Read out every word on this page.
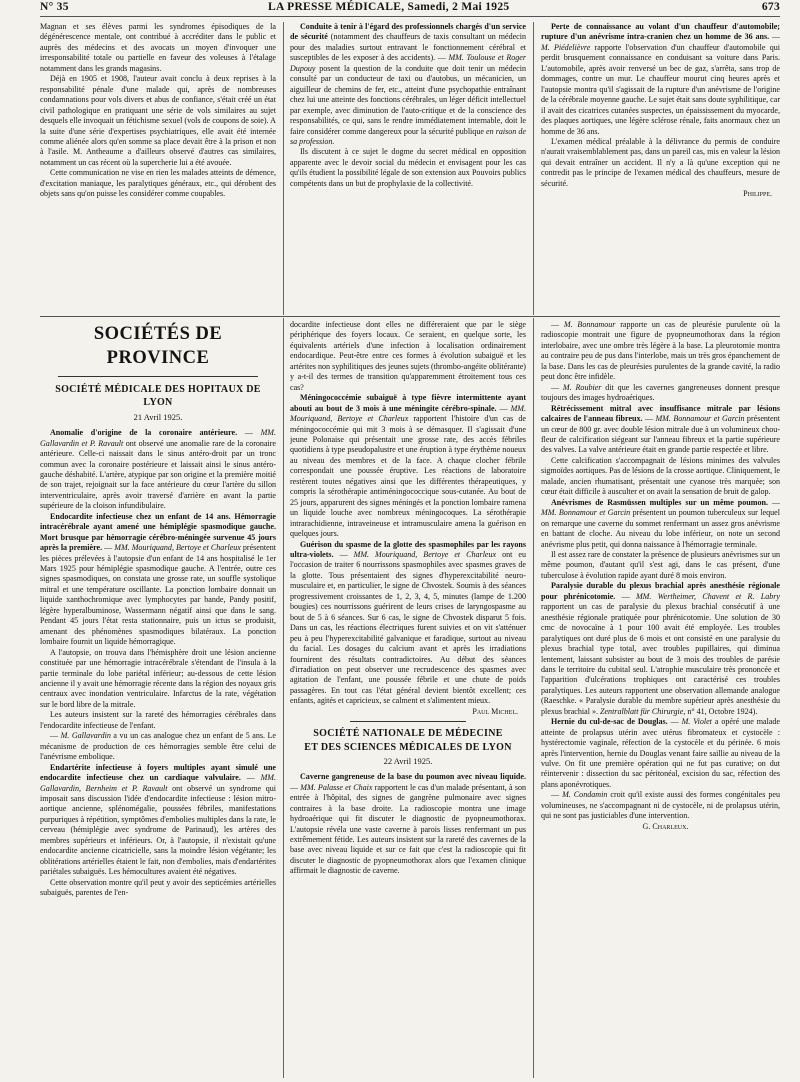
N° 35	LA PRESSE MÉDICALE, Samedi, 2 Mai 1925	673

Magnan et ses élèves parmi les syndromes épisodiques de la dégénérescence mentale, ont contribué à accréditer dans le public et auprès des médecins et des avocats un moyen d'invoquer une irresponsabilité totale ou partielle en faveur des voleuses à l'étalage notamment dans les grands magasins.

Déjà en 1905 et 1908, l'auteur avait conclu à deux reprises à la responsabilité pénale d'une malade qui, après de nombreuses condamnations pour vols divers et abus de confiance, s'était créé un état civil pathologique en pratiquant une série de vols similaires au sujet desquels elle invoquait un fétichisme sexuel (vols de coupons de soie). A la suite d'une série d'expertises psychiatriques, elle avait été internée comme aliénée alors qu'en somme sa place devait être à la prison et non à l'asile. M. Antheaume a d'ailleurs observé d'autres cas similaires, notamment un cas récent où la supercherie lui a été avouée.

Cette communication ne vise en rien les malades atteints de démence, d'excitation maniaque, les paralytiques généraux, etc., qui dérobent des objets sans qu'on puisse les considérer comme coupables.

Conduite à tenir à l'égard des professionnels chargés d'un service de sécurité (notamment des chauffeurs de taxis consultant un médecin pour des maladies surtout entravant le fonctionnement cérébral et susceptibles de les exposer à des accidents). — MM. Toulouse et Roger Dupouy posent la question de la conduite que doit tenir un médecin consulté par un conducteur de taxi ou d'autobus, un mécanicien, un aiguilleur de chemins de fer, etc., atteint d'une psychopathie entraînant chez lui une atteinte des fonctions cérébrales, un léger déficit intellectuel par exemple, avec diminution de l'auto-critique et de la conscience des responsabilités, ce qui, sans le rendre immédiatement internable, doit le faire considérer comme dangereux pour la sécurité publique en raison de sa profession.

Ils discutent à ce sujet le dogme du secret médical en opposition apparente avec le devoir social du médecin et envisagent pour les cas qu'ils étudient la possibilité légale de son extension aux Pouvoirs publics compétents dans un but de prophylaxie de la collectivité.

Perte de connaissance au volant d'un chauffeur d'automobile; rupture d'un anévrisme intra-cranien chez un homme de 36 ans. — M. Piédelièvre rapporte l'observation d'un chauffeur d'automobile qui perdit brusquement connaissance en conduisant sa voiture dans Paris. L'automobile, après avoir renversé un bec de gaz, s'arrêta, sans trop de dommages, contre un mur. Le chauffeur mourut cinq heures après et l'autopsie montra qu'il s'agissait de la rupture d'un anévrisme de l'origine de la cérébrale moyenne gauche. Le sujet était sans doute syphilitique, car il avait des cicatrices cutanées suspectes, un épaississement du myocarde, des plaques aortiques, une légère sclérose rénale, faits anormaux chez un homme de 36 ans.

L'examen médical préalable à la délivrance du permis de conduire n'aurait vraisemblablement pas, dans un pareil cas, mis en valeur la lésion qui devait entraîner un accident. Il n'y a là qu'une exception qui ne contredit pas le principe de l'examen médical des chauffeurs, mesure de sécurité.

Philippe.

SOCIÉTÉS DE PROVINCE
SOCIÉTÉ MÉDICALE DES HOPITAUX DE LYON
21 Avril 1925.

Anomalie d'origine de la coronaire antérieure. — MM. Gallavardin et P. Ravault ont observé une anomalie rare de la coronaire antérieure. Celle-ci naissait dans le sinus antéro-droit par un tronc commun avec la coronaire postérieure et laissait ainsi le sinus antéro-gauche déshabité. L'artère, atypique par son origine et la première moitié de son trajet, rejoignait sur la face antérieure du cœur l'artère du sillon interventriculaire, après avoir traversé d'arrière en avant la partie supérieure de la cloison infundibulaire.

Endocardite infectieuse chez un enfant de 14 ans. Hémorragie intracérébrale ayant amené une hémiplégie spasmodique gauche. Mort brusque par hémorragie cérébro-méningée survenue 45 jours après la première. — MM. Mouriquand, Bertoye et Charleux présentent les pièces prélevées à l'autopsie d'un enfant de 14 ans hospitalisé le 1er Mars 1925 pour hémiplégie spasmodique gauche. A l'entrée, outre ces signes spasmodiques, on constata une grosse rate, un souffle systolique mitral et une température oscillante. La ponction lombaire donnait un liquide xanthochromique avec lymphocytes par bande, Pandy positif, légère hyperalbuminose, Wassermann négatif ainsi que dans le sang. Pendant 45 jours l'état resta stationnaire, puis un ictus se produisit, amenant des phénomènes spasmodiques bilatéraux. La ponction lombaire fournit un liquide hémorragique.

A l'autopsie, on trouva dans l'hémisphère droit une lésion ancienne constituée par une hémorragie intracérébrale s'étendant de l'insula à la partie terminale du lobe pariétal inférieur; au-dessous de cette lésion ancienne il y avait une hémorragie récente dans la région des noyaux gris centraux avec inondation ventriculaire. Infarctus de la rate, végétation sur le bord libre de la mitrale.

Les auteurs insistent sur la rareté des hémorragies cérébrales dans l'endocardite infectieuse de l'enfant.

— M. Gallavardin a vu un cas analogue chez un enfant de 5 ans. Le mécanisme de production de ces hémorragies semble être celui de l'anévrisme embolique.

Endartérite infectieuse à foyers multiples ayant simulé une endocardite infectieuse chez un cardiaque valvulaire. — MM. Gallavardin, Bernheim et P. Ravault ont observé un syndrome qui imposait sans discussion l'idée d'endocardite infectieuse : lésion mitro-aortique ancienne, splénomégalie, poussées fébriles, manifestations purpuriques à répétition, symptômes d'embolies multiples dans la rate, le cerveau (hémiplégie avec syndrome de Parinaud), les artères des membres supérieurs et inférieurs. Or, à l'autopsie, il n'existait qu'une endocardite ancienne cicatricielle, sans la moindre lésion végétante; les oblitérations artérielles étaient le fait, non d'embolies, mais d'endartérites pariétales subaiguës. Les hémocultures avaient été négatives.

Cette observation montre qu'il peut y avoir des septicémies artérielles subaiguës, parentes de l'en-

docardite infectieuse dont elles ne différeraient que par le siège périphérique des foyers locaux. Ce seraient, en quelque sorte, les équivalents artériels d'une infection à localisation ordinairement endocardique. Peut-être entre ces formes à évolution subaiguë et les artérites non syphilitiques des jeunes sujets (thrombo-angéite oblitérante) y a-t-il des termes de transition qu'apparemment étroitement tous ces cas?

Méningococcémie subaiguë à type fièvre intermittente ayant abouti au bout de 3 mois à une méningite cérébro-spinale. — MM. Mouriquand, Bertoye et Charleux rapportent l'histoire d'un cas de méningococcémie qui mit 3 mois à se démasquer. Il s'agissait d'une jeune Polonaise qui présentait une grosse rate, des accès fébriles quotidiens à type pseudopalustre et une éruption à type érythème noueux au niveau des membres et de la face. A chaque clocher fébrile correspondait une poussée éruptive. Les réactions de laboratoire restèrent toutes négatives ainsi que les différentes thérapeutiques, y compris la sérothérapie antiméningococcique sous-cutanée. Au bout de 25 jours, apparurent des signes méningés et la ponction lombaire ramena un liquide louche avec nombreux méningocoques. La sérothérapie intrarachidienne, intraveineuse et intramusculaire amena la guérison en quelques jours.

Guérison du spasme de la glotte des spasmophiles par les rayons ultra-violets. — MM. Mouriquand, Bertoye et Charleux ont eu l'occasion de traiter 6 nourrissons spasmophiles avec spasmes graves de la glotte. Tous présentaient des signes d'hyperexcitabilité neuro-musculaire et, en particulier, le signe de Chvostek. Soumis à des séances progressivement croissantes de 1, 2, 3, 4, 5, minutes (lampe de 1.200 bougies) ces nourrissons guérirent de leurs crises de laryngospasme au bout de 5 à 6 séances. Sur 6 cas, le signe de Chvostek disparut 5 fois. Dans un cas, les réactions électriques furent suivies et on vit s'atténuer peu à peu l'hyperexcitabilité galvanique et faradique, surtout au niveau du facial. Les dosages du calcium avant et après les irradiations fournirent des résultats contradictoires. Au début des séances d'irradiation on peut observer une recrudescence des spasmes avec agitation de l'enfant, une poussée fébrile et une chute de poids passagères. En tout cas l'état général devient bientôt excellent; ces enfants, agités et capricieux, se calment et s'alimentent mieux.

Paul Michel.

SOCIÉTÉ NATIONALE DE MÉDECINE
ET DES SCIENCES MÉDICALES DE LYON
22 Avril 1925.

Caverne gangreneuse de la base du poumon avec niveau liquide. — MM. Palasse et Chaix rapportent le cas d'un malade présentant, à son entrée à l'hôpital, des signes de gangrène pulmonaire avec signes contraires à la base droite. La radioscopie montra une image hydroaérique qui fit discuter le diagnostic de pyopneumothorax. L'autopsie révéla une vaste caverne à parois lisses renfermant un pus extrêmement fétide. Les auteurs insistent sur la rareté des cavernes de la base avec niveau liquide et sur ce fait que c'est la radioscopie qui fit discuter le diagnostic de pyopneumothorax alors que l'examen clinique affirmait le diagnostic de caverne.

— M. Bonnamour rapporte un cas de pleurésie purulente où la radioscopie montrait une figure de pyopneumothorax dans la région interlobaire, avec une ombre très légère à la base. La pleurotomie montra au contraire peu de pus dans l'interlobe, mais un très gros épanchement de la base. Dans les cas de pleurésies purulentes de la grande cavité, la radio peut donc être infidèle.

— M. Roubier dit que les cavernes gangreneuses donnent presque toujours des images hydroaériques.

Rétrécissement mitral avec insuffisance mitrale par lésions calcaires de l'anneau fibreux. — MM. Bonnamour et Garcin présentent un cœur de 800 gr. avec double lésion mitrale due à un volumineux chou-fleur de calcification siégeant sur l'anneau fibreux et la partie supérieure des valves. La valve antérieure était en grande partie respectée et libre.

Cette calcification s'accompagnait de lésions minimes des valvules sigmoïdes aortiques. Pas de lésions de la crosse aortique. Cliniquement, le malade, ancien rhumatisant, présentait une cyanose très marquée; son cœur était difficile à ausculter et on avait la sensation de bruit de galop.

Anévrismes de Rasmüssen multiples sur un même poumon. — MM. Bonnamour et Garcin présentent un poumon tuberculeux sur lequel on remarque une caverne du sommet renfermant un assez gros anévrisme en battant de cloche. Au niveau du lobe inférieur, on note un second anévrisme plus petit, qui donna naissance à l'hémorragie terminale.

Il est assez rare de constater la présence de plusieurs anévrismes sur un même poumon, d'autant qu'il s'est agi, dans le cas présent, d'une tuberculose à évolution rapide ayant duré 8 mois environ.

Paralysie durable du plexus brachial après anesthésie régionale pour phrénicotomie. — MM. Wertheimer, Chavent et R. Labry rapportent un cas de paralysie du plexus brachial consécutif à une anesthésie régionale pratiquée pour phrénicotomie. Une solution de 30 cmc de novocaïne à 1 pour 100 avait été employée. Les troubles paralytiques ont duré plus de 6 mois et ont consisté en une paralysie du plexus brachial type total, avec troubles pupillaires, qui diminua lentement, laissant subsister au bout de 3 mois des troubles de parésie dans le territoire du cubital seul. L'atrophie musculaire très prononcée et l'apparition d'ulcérations trophiques ont caractérisé ces troubles paralytiques. Les auteurs rapportent une observation allemande analogue (Raeschke. « Paralysie durable du membre supérieur après anesthésie du plexus brachial ». Zentralblatt für Chirurgie, n° 41, Octobre 1924).

Hernie du cul-de-sac de Douglas. — M. Violet a opéré une malade atteinte de prolapsus utérin avec utérus fibromateux et cystocèle : hystérectomie vaginale, réfection de la cystocèle et du périnée. 6 mois après l'intervention, hernie du Douglas venant faire saillie au niveau de la vulve. On fit une première opération qui ne fut pas curative; on dut réintervenir : dissection du sac péritonéal, excision du sac, réfection des plans aponévrotiques.

— M. Condamin croit qu'il existe aussi des formes congénitales peu volumineuses, ne s'accompagnant ni de cystocèle, ni de prolapsus utérin, qui ne sont pas justiciables d'une intervention.

G. Charleux.
